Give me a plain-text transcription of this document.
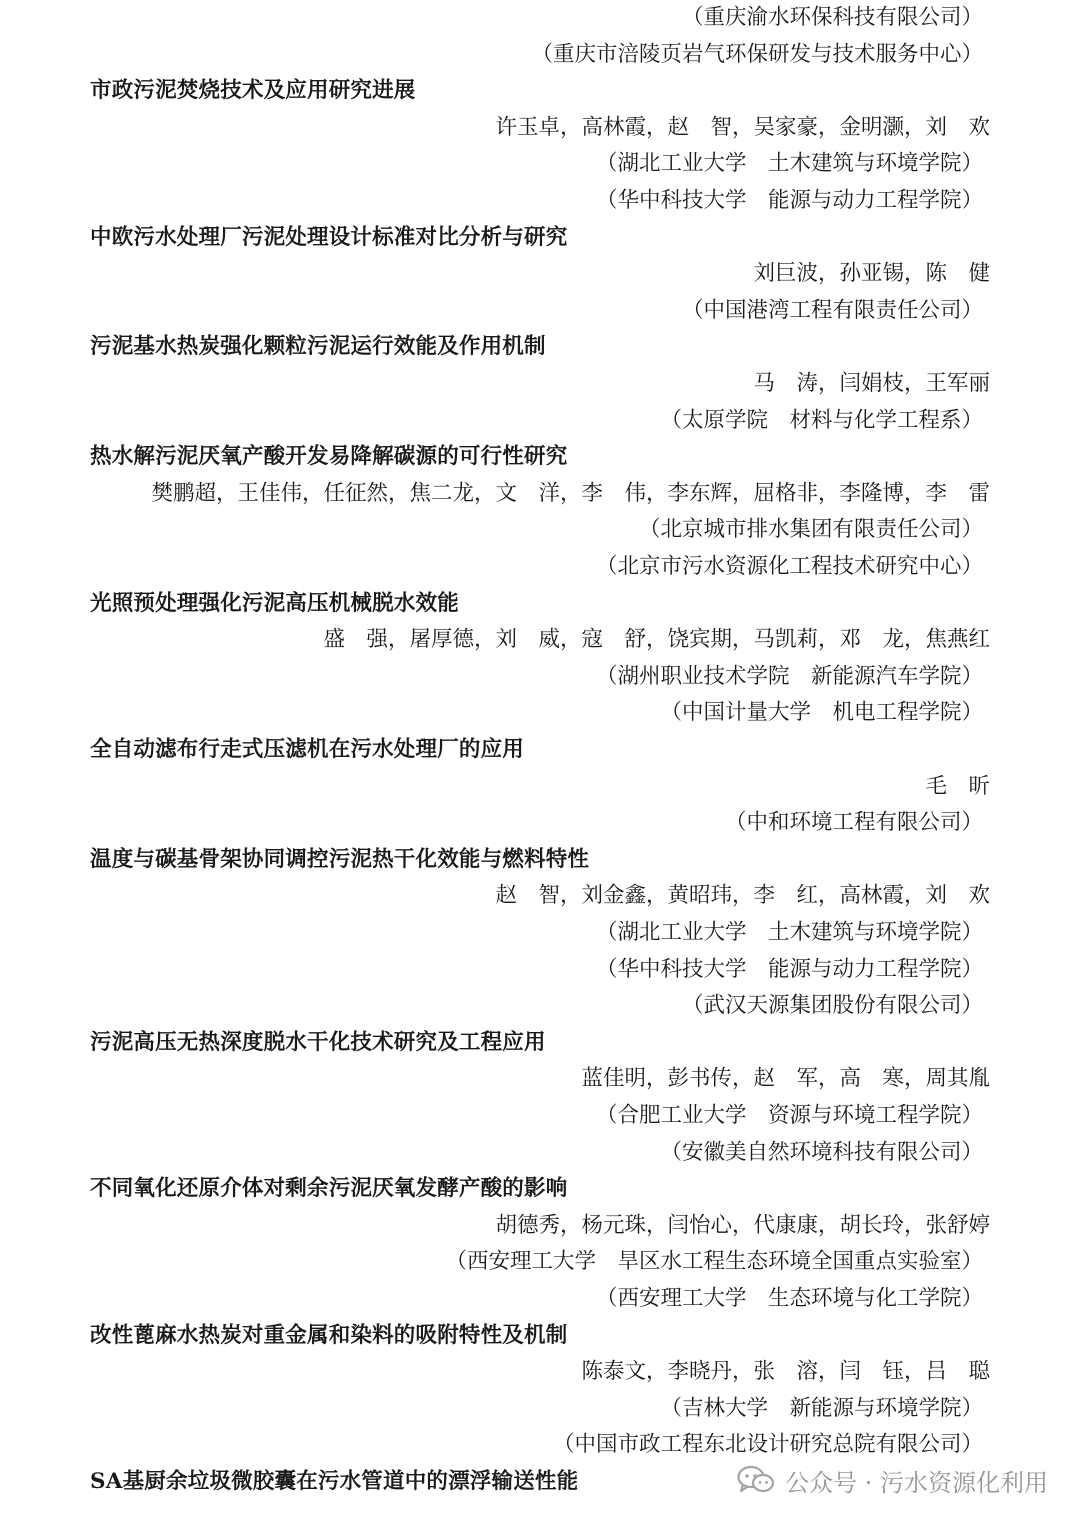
（重庆渝水环保科技有限公司）
（重庆市涪陵页岩气环保研发与技术服务中心）
市政污泥焚烧技术及应用研究进展
许玉卓，高林霞，赵　智，吴家豪，金明灏，刘　欢
（湖北工业大学　土木建筑与环境学院）
（华中科技大学　能源与动力工程学院）
中欧污水处理厂污泥处理设计标准对比分析与研究
刘巨波，孙亚锡，陈　健
（中国港湾工程有限责任公司）
污泥基水热炭强化颗粒污泥运行效能及作用机制
马　涛，闫娟枝，王军丽
（太原学院　材料与化学工程系）
热水解污泥厌氧产酸开发易降解碳源的可行性研究
樊鹏超，王佳伟，任征然，焦二龙，文　洋，李　伟，李东辉，屈格非，李隆博，李　雷
（北京城市排水集团有限责任公司）
（北京市污水资源化工程技术研究中心）
光照预处理强化污泥高压机械脱水效能
盛　强，屠厚德，刘　威，寇　舒，饶宾期，马凯莉，邓　龙，焦燕红
（湖州职业技术学院　新能源汽车学院）
（中国计量大学　机电工程学院）
全自动滤布行走式压滤机在污水处理厂的应用
毛　昕
（中和环境工程有限公司）
温度与碳基骨架协同调控污泥热干化效能与燃料特性
赵　智，刘金鑫，黄昭玮，李　红，高林霞，刘　欢
（湖北工业大学　土木建筑与环境学院）
（华中科技大学　能源与动力工程学院）
（武汉天源集团股份有限公司）
污泥高压无热深度脱水干化技术研究及工程应用
蓝佳明，彭书传，赵　军，高　寒，周其胤
（合肥工业大学　资源与环境工程学院）
（安徽美自然环境科技有限公司）
不同氧化还原介体对剩余污泥厌氧发酵产酸的影响
胡德秀，杨元珠，闫怡心，代康康，胡长玲，张舒婷
（西安理工大学　旱区水工程生态环境全国重点实验室）
（西安理工大学　生态环境与化工学院）
改性蓖麻水热炭对重金属和染料的吸附特性及机制
陈泰文，李晓丹，张　溶，闫　钰，吕　聪
（吉林大学　新能源与环境学院）
（中国市政工程东北设计研究总院有限公司）
SA基厨余垃圾微胶囊在污水管道中的漂浮输送性能	公众号 · 污水资源化利用
